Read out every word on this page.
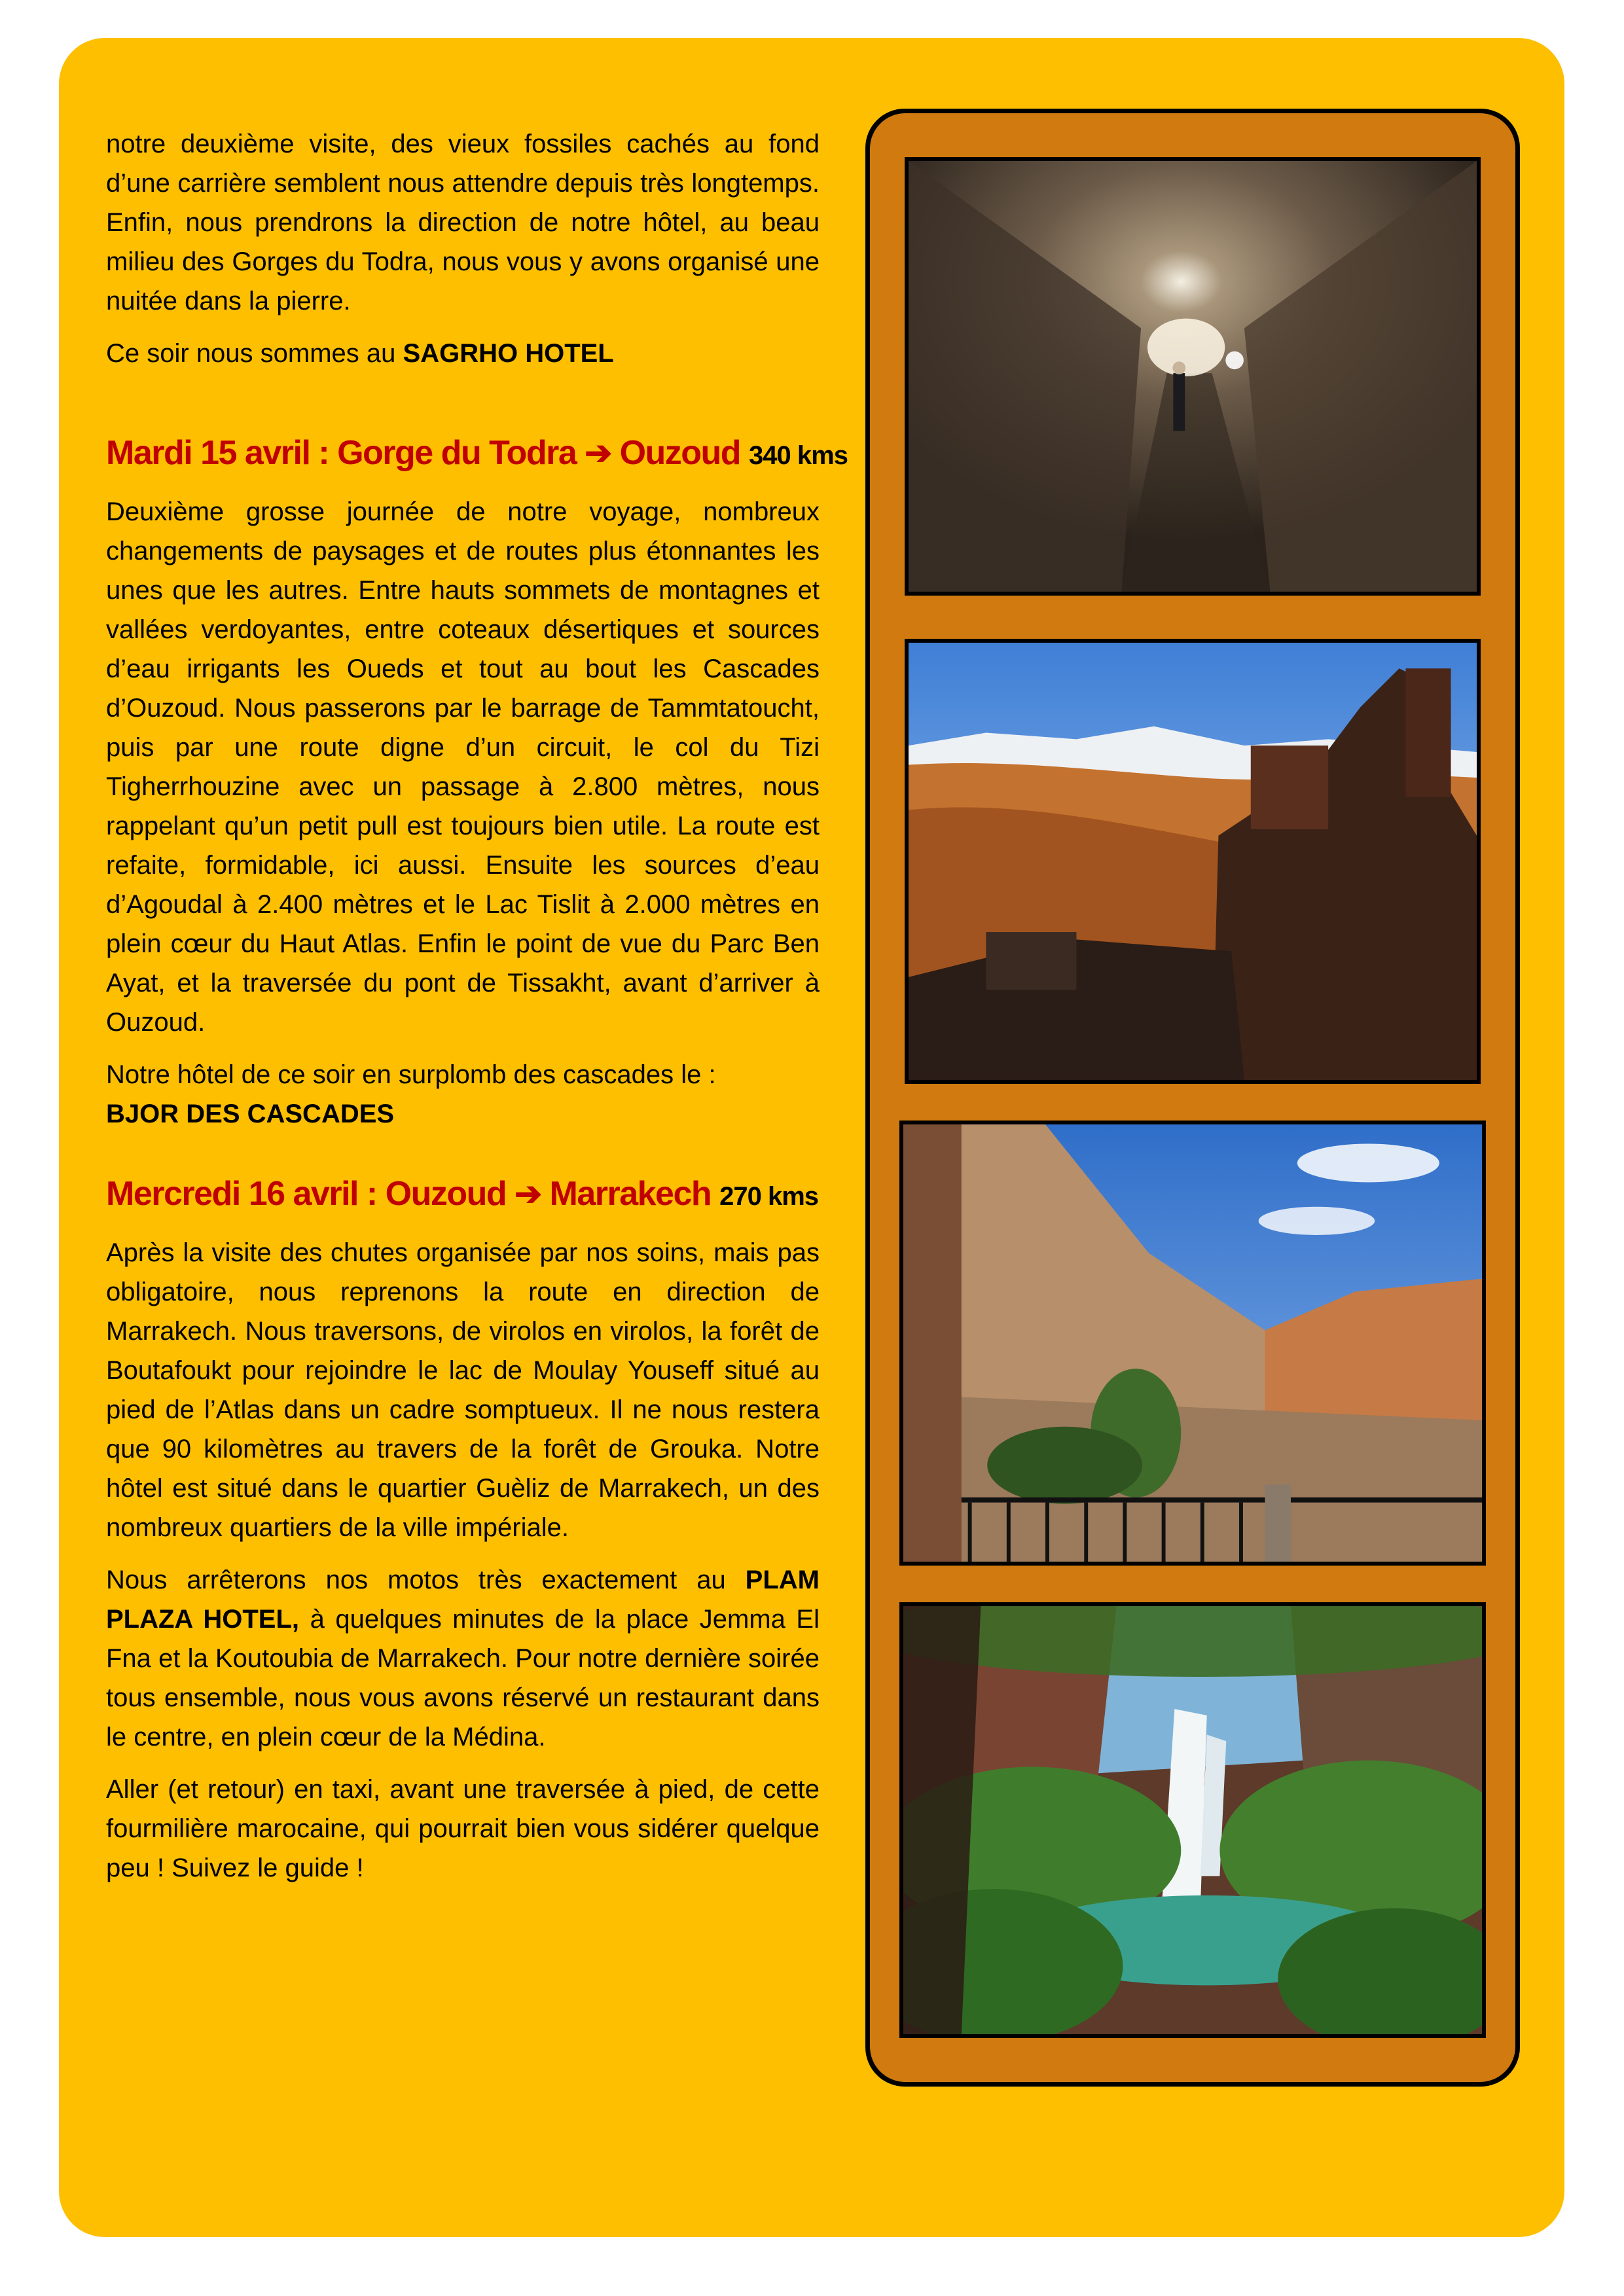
notre deuxième visite, des vieux fossiles cachés au fond d’une carrière semblent nous attendre depuis très longtemps. Enfin, nous prendrons la direction de notre hôtel, au beau milieu des Gorges du Todra, nous vous y avons organisé une nuitée dans la pierre.

Ce soir nous sommes au SAGRHO HOTEL

Mardi 15 avril : Gorge du Todra ➔ Ouzoud 340 kms

Deuxième grosse journée de notre voyage, nombreux changements de paysages et de routes plus étonnantes les unes que les autres. Entre hauts sommets de montagnes et vallées verdoyantes, entre coteaux désertiques et sources d’eau irrigants les Oueds et tout au bout les Cascades d’Ouzoud. Nous passerons par le barrage de Tammtatoucht, puis par une route digne d’un circuit, le col du Tizi Tigherrhouzine avec un passage à 2.800 mètres, nous rappelant qu’un petit pull est toujours bien utile. La route est refaite, formidable, ici aussi. Ensuite les sources d’eau d’Agoudal à 2.400 mètres et le Lac Tislit à 2.000 mètres en plein cœur du Haut Atlas. Enfin le point de vue du Parc Ben Ayat, et la traversée du pont de Tissakht, avant d’arriver à Ouzoud.

Notre hôtel de ce soir en surplomb des cascades le :
BJOR DES CASCADES

Mercredi 16 avril : Ouzoud ➔ Marrakech 270 kms

Après la visite des chutes organisée par nos soins, mais pas obligatoire, nous reprenons la route en direction de Marrakech. Nous traversons, de virolos en virolos, la forêt de Boutafoukt pour rejoindre le lac de Moulay Youseff situé au pied de l’Atlas dans un cadre somptueux. Il ne nous restera que 90 kilomètres au travers de la forêt de Grouka. Notre hôtel est situé dans le quartier Guèliz de Marrakech, un des nombreux quartiers de la ville impériale.

Nous arrêterons nos motos très exactement au PLAM PLAZA HOTEL, à quelques minutes de la place Jemma El Fna et la Koutoubia de Marrakech. Pour notre dernière soirée tous ensemble, nous vous avons réservé un restaurant dans le centre, en plein cœur de la Médina.

Aller (et retour) en taxi, avant une traversée à pied, de cette fourmilière marocaine, qui pourrait bien vous sidérer quelque peu ! Suivez le guide !
